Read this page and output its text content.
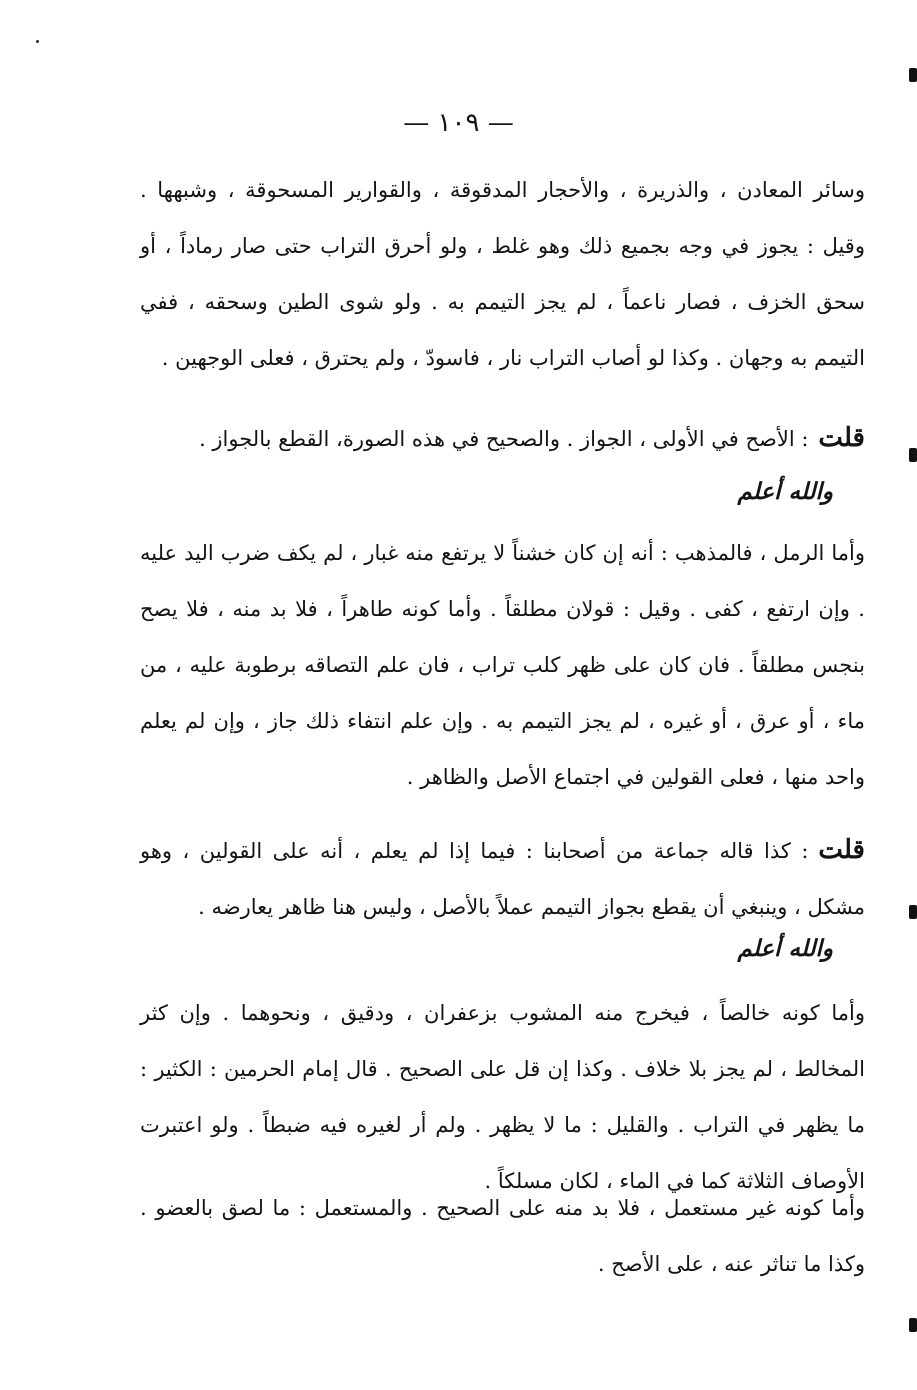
— ١٠٩ —

وسائر المعادن ، والذريرة ، والأحجار المدقوقة ، والقوارير المسحوقة ، وشبهها . وقيل : يجوز في وجه بجميع ذلك وهو غلط ، ولو أحرق التراب حتى صار رماداً ، أو سحق الخزف ، فصار ناعماً ، لم يجز التيمم به . ولو شوى الطين وسحقه ، ففي التيمم به وجهان . وكذا لو أصاب التراب نار ، فاسودّ ، ولم يحترق ، فعلى الوجهين .

قلت: الأصح في الأولى ، الجواز . والصحيح في هذه الصورة، القطع بالجواز .

والله أعلم

وأما الرمل ، فالمذهب : أنه إن كان خشناً لا يرتفع منه غبار ، لم يكف ضرب اليد عليه . وإن ارتفع ، كفى . وقيل : قولان مطلقاً . وأما كونه طاهراً ، فلا بد منه ، فلا يصح بنجس مطلقاً . فان كان على ظهر كلب تراب ، فان علم التصاقه برطوبة عليه ، من ماء ، أو عرق ، أو غيره ، لم يجز التيمم به . وإن علم انتفاء ذلك جاز ، وإن لم يعلم واحد منها ، فعلى القولين في اجتماع الأصل والظاهر .

قلت: كذا قاله جماعة من أصحابنا : فيما إذا لم يعلم ، أنه على القولين ، وهو مشكل ، وينبغي أن يقطع بجواز التيمم عملاً بالأصل ، وليس هنا ظاهر يعارضه .

والله أعلم

وأما كونه خالصاً ، فيخرج منه المشوب بزعفران ، ودقيق ، ونحوهما . وإن كثر المخالط ، لم يجز بلا خلاف . وكذا إن قل على الصحيح . قال إمام الحرمين : الكثير : ما يظهر في التراب . والقليل : ما لا يظهر . ولم أر لغيره فيه ضبطاً . ولو اعتبرت الأوصاف الثلاثة كما في الماء ، لكان مسلكاً .

وأما كونه غير مستعمل ، فلا بد منه على الصحيح . والمستعمل : ما لصق بالعضو . وكذا ما تناثر عنه ، على الأصح .
